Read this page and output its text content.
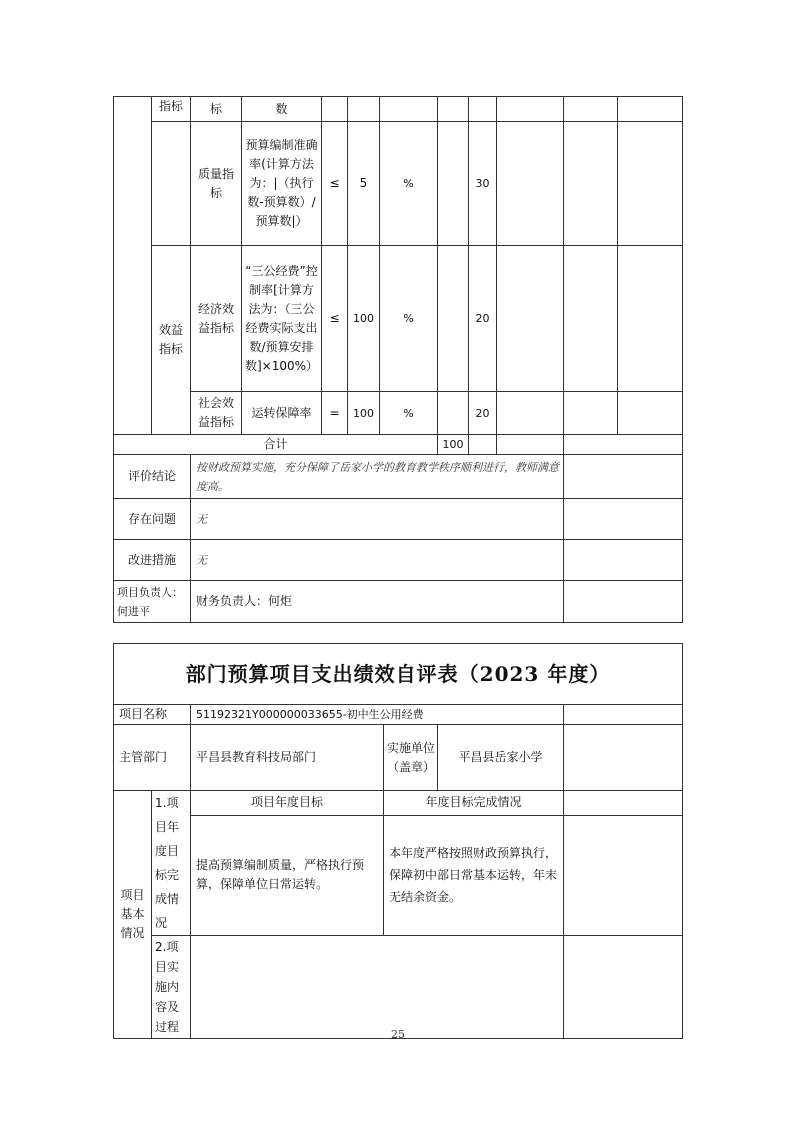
	指标	标	数								
		质量指标	预算编制准确率(计算方法为：|（执行数-预算数）/预算数|）	≤	5	%		30			
	效益指标	经济效益指标	“三公经费”控制率[计算方法为：（三公经费实际支出数/预算安排数]×100%）	≤	100	%		20			
		社会效益指标	运转保障率	=	100	%		20			
合计							100				
评价结论		按财政预算实施，充分保障了岳家小学的教育教学秩序顺利进行，教师满意度高。									
存在问题		无									
改进措施		无									
项目负责人：何进平		财务负责人：何炬									
部门预算项目支出绩效自评表（2023 年度）					
项目名称		51192321Y000000033655-初中生公用经费			
主管部门		平昌县教育科技局部门	实施单位（盖章）	平昌县岳家小学	
项目基本情况	1.项目年度目标完成情况	项目年度目标	年度目标完成情况		
		提高预算编制质量，严格执行预算，保障单位日常运转。	本年度严格按照财政预算执行，保障初中部日常基本运转，年末无结余资金。		
	2.项目实施内容及过程				
25
